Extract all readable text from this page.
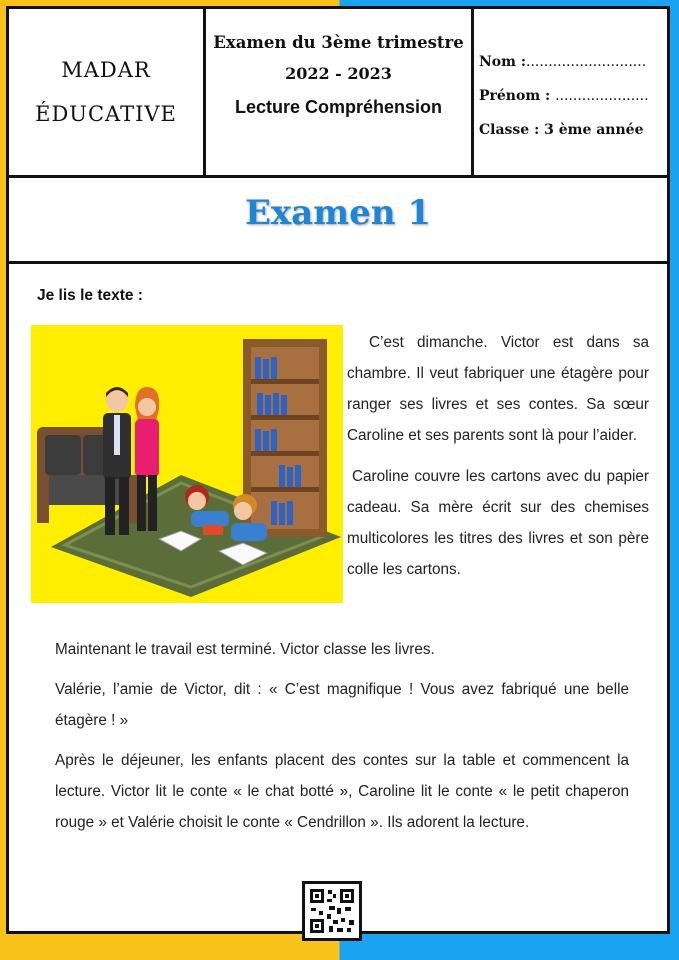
MADAR
ÉDUCATIVE
Examen du 3ème trimestre
2022 - 2023
Lecture Compréhension
Nom :...........................
Prénom : .....................
Classe : 3 ème année
Examen 1
Je lis le texte :

C’est dimanche. Victor est dans sa chambre. Il veut fabriquer une étagère pour ranger ses livres et ses contes. Sa sœur Caroline et ses parents sont là pour l’aider.

Caroline couvre les cartons avec du papier cadeau. Sa mère écrit sur des chemises multicolores les titres des livres et son père colle les cartons.

Maintenant le travail est terminé. Victor classe les livres.

Valérie, l’amie de Victor, dit : « C’est magnifique ! Vous avez fabriqué une belle étagère ! »

Après le déjeuner, les enfants placent des contes sur la table et commencent la lecture. Victor lit le conte « le chat botté », Caroline lit le conte « le petit chaperon rouge » et Valérie choisit le conte « Cendrillon ». Ils adorent la lecture.
